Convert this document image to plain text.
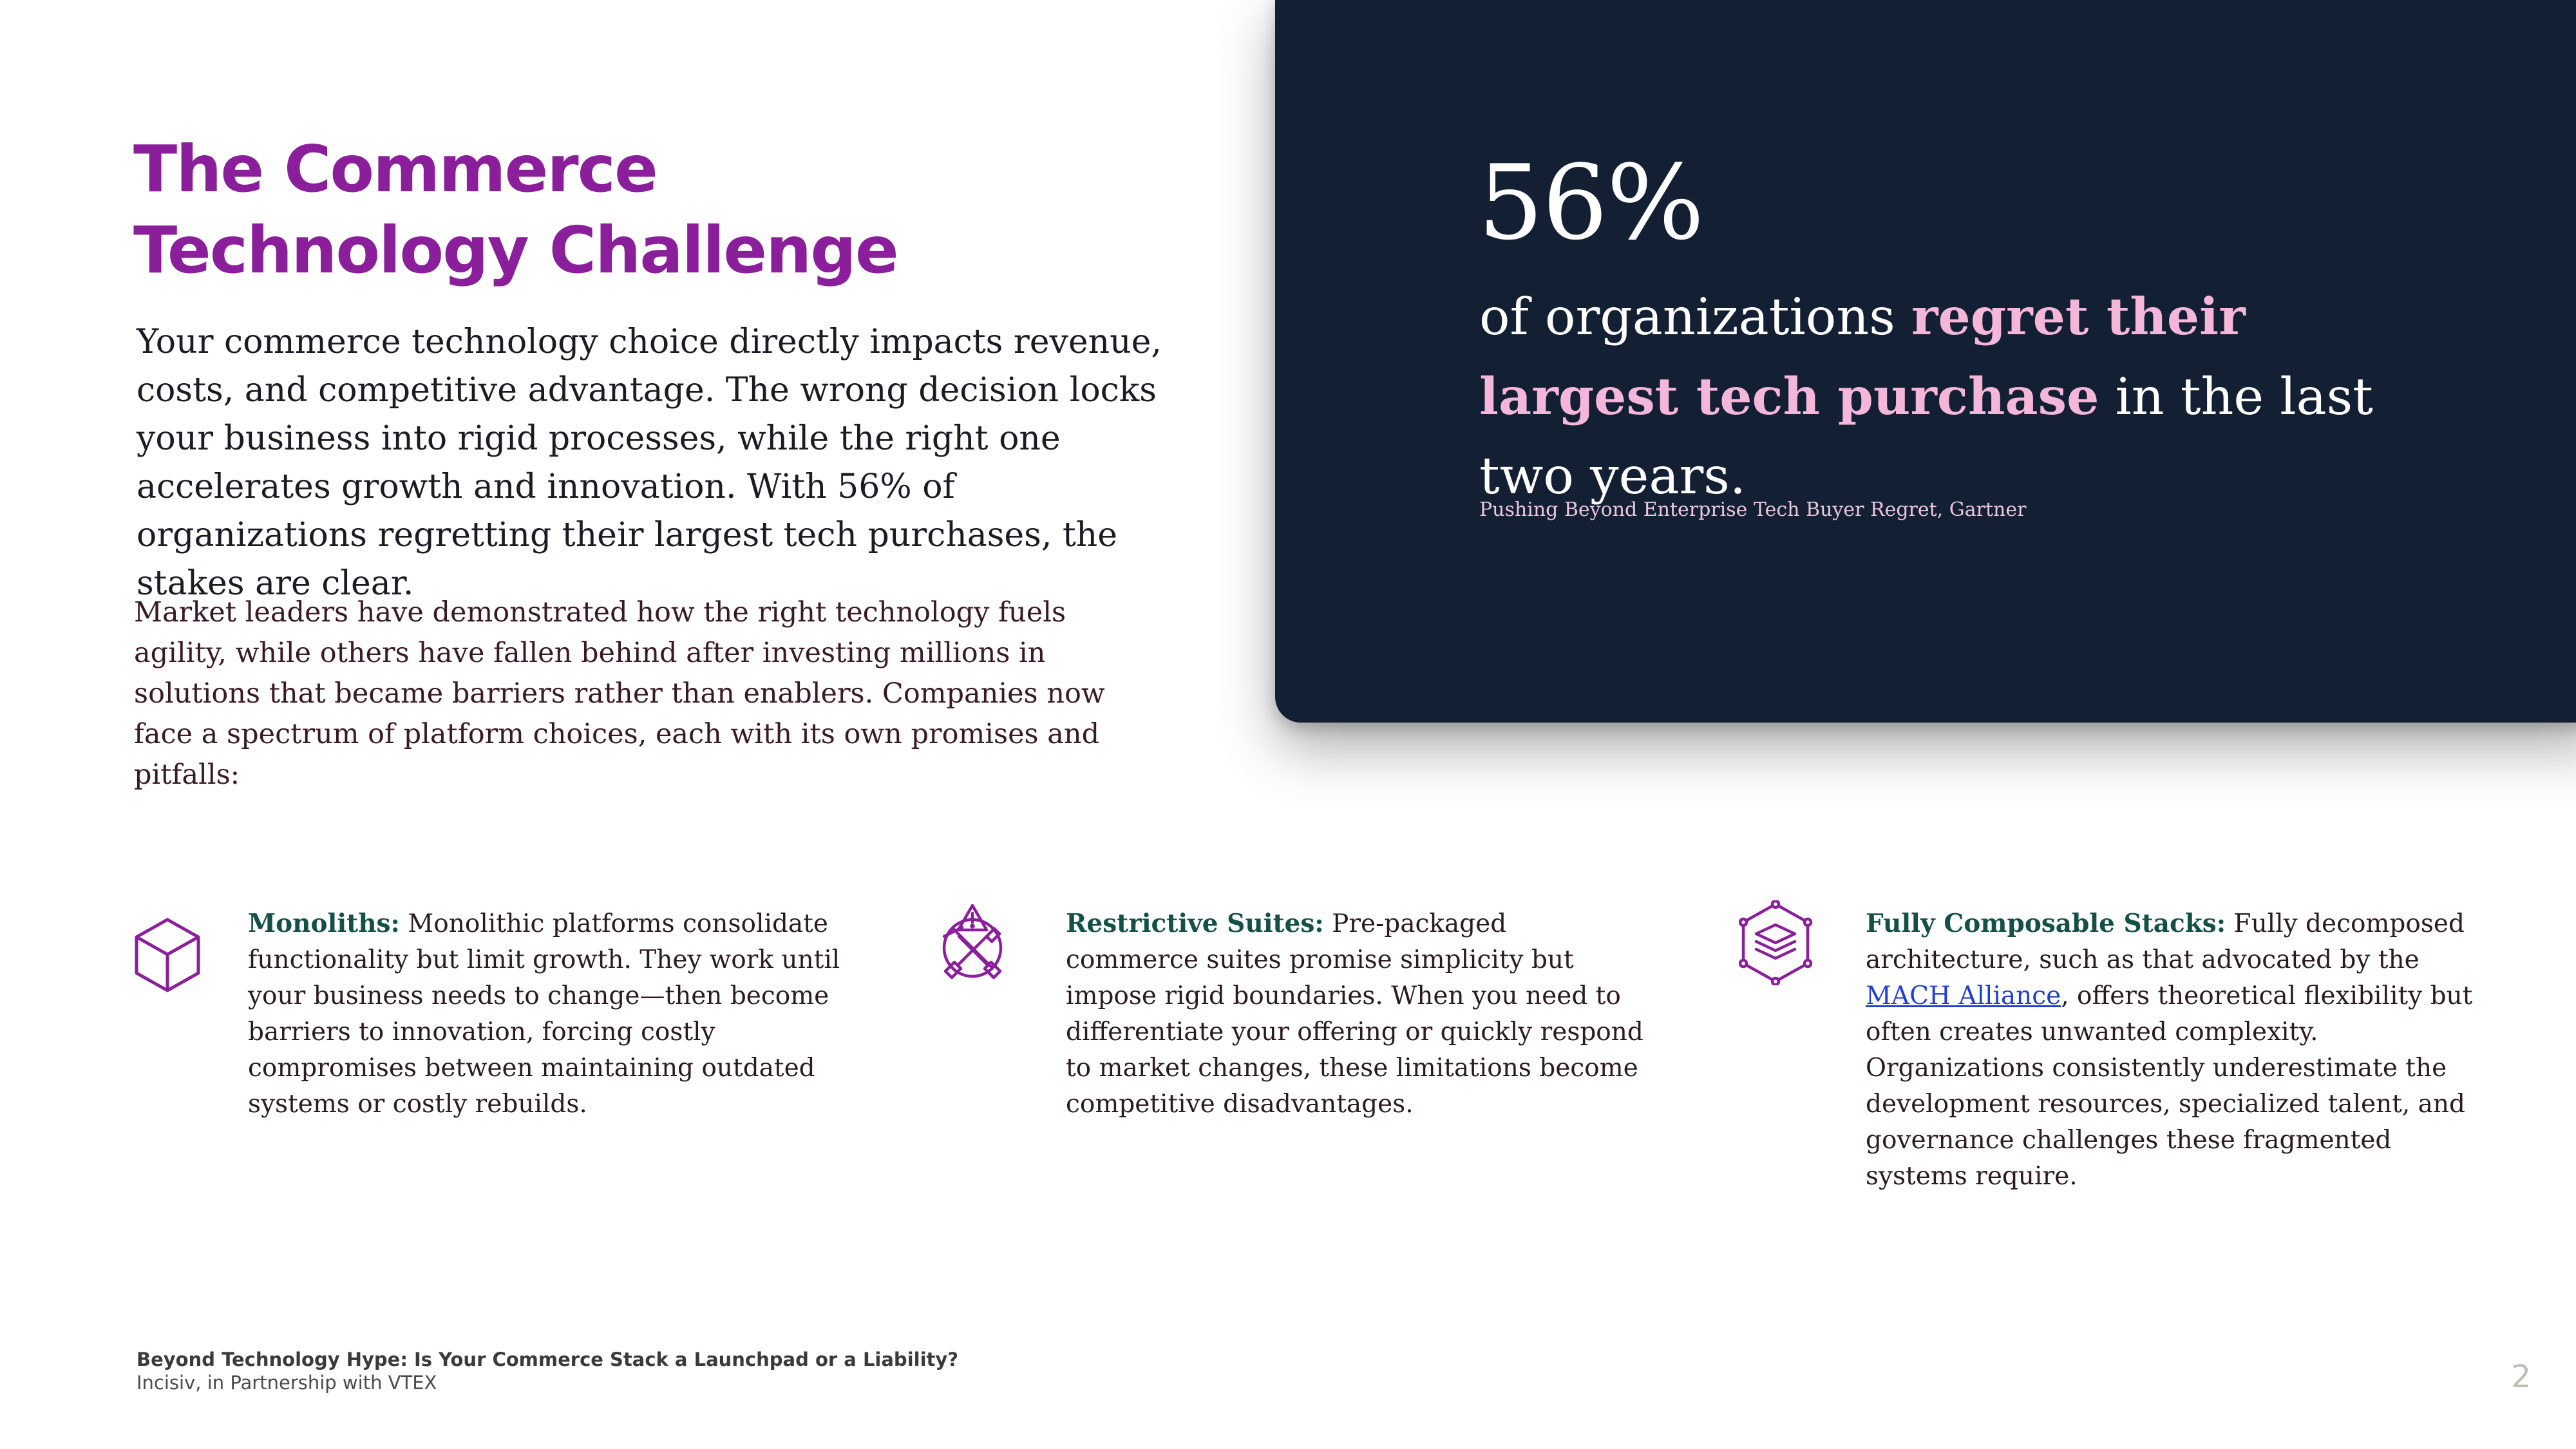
The Commerce
Technology Challenge

Your commerce technology choice directly impacts revenue, costs, and competitive advantage. The wrong decision locks your business into rigid processes, while the right one accelerates growth and innovation. With 56% of organizations regretting their largest tech purchases, the stakes are clear.

Market leaders have demonstrated how the right technology fuels agility, while others have fallen behind after investing millions in solutions that became barriers rather than enablers. Companies now face a spectrum of platform choices, each with its own promises and pitfalls:

56%

of organizations regret their largest tech purchase in the last two years.

Pushing Beyond Enterprise Tech Buyer Regret, Gartner

Monoliths: Monolithic platforms consolidate functionality but limit growth. They work until your business needs to change—then become barriers to innovation, forcing costly compromises between maintaining outdated systems or costly rebuilds.

Restrictive Suites: Pre-packaged commerce suites promise simplicity but impose rigid boundaries. When you need to differentiate your offering or quickly respond to market changes, these limitations become competitive disadvantages.

Fully Composable Stacks: Fully decomposed architecture, such as that advocated by the MACH Alliance, offers theoretical flexibility but often creates unwanted complexity. Organizations consistently underestimate the development resources, specialized talent, and governance challenges these fragmented systems require.

Beyond Technology Hype: Is Your Commerce Stack a Launchpad or a Liability?

Incisiv, in Partnership with VTEX	2
